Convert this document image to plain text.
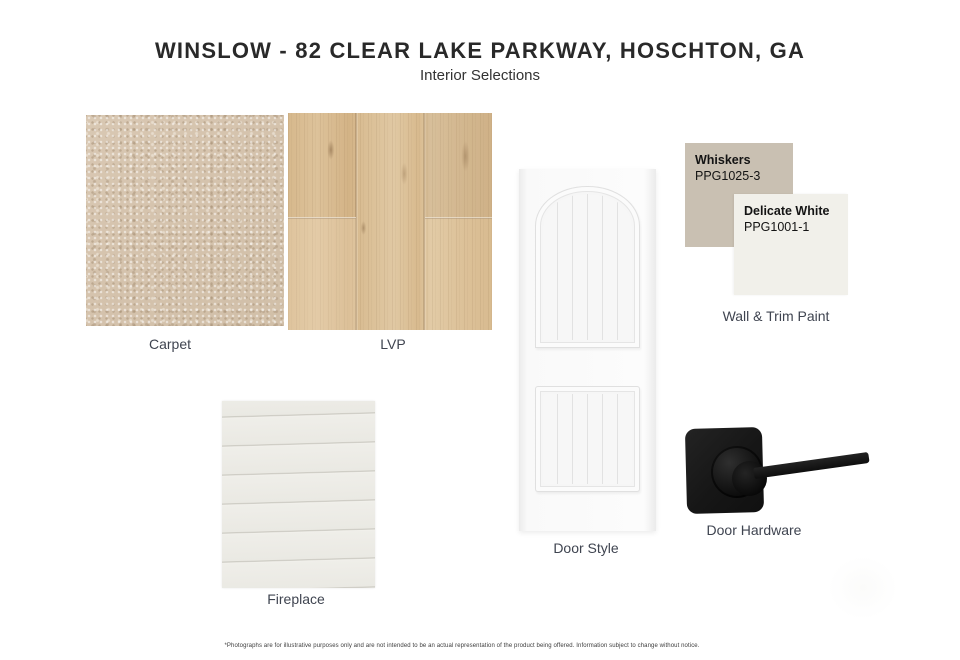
WINSLOW - 82 CLEAR LAKE PARKWAY, HOSCHTON, GA
Interior Selections
Carpet	LVP
Door Style
Whiskers
PPG1025-3
Delicate White
PPG1001-1
Wall & Trim Paint
Fireplace
Door Hardware
*Photographs are for illustrative purposes only and are not intended to be an actual representation of the product being offered. Information subject to change without notice.
